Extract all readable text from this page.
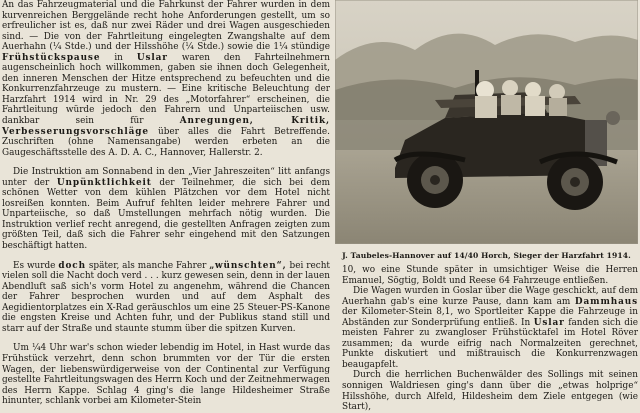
An das Fahrzeugmaterial und die Fahrkunst der Fahrer wurden in dem kurvenreichen Berggelände recht hohe Anforderungen gestellt, um so erfreulicher ist es, daß nur zwei Räder und drei Wagen ausgeschieden sind. — Die von der Fahrtleitung eingelegten Zwangshalte auf dem Auerhahn (¼ Stde.) und der Hilsshöhe (¼ Stde.) sowie die 1¼ stündige Frühstückspause in Uslar waren den Fahrteilnehmern augenscheinlich hoch willkommen, gaben sie ihnen doch Gelegenheit, den inneren Menschen der Hitze entsprechend zu befeuchten und die Konkurrenzfahrzeuge zu mustern. — Eine kritische Beleuchtung der Harzfahrt 1914 wird in Nr. 29 des „Motorfahrer“ erscheinen, die Fahrtleitung würde jedoch den Fahrern und Unparteiischen usw. dankbar sein für	Anregungen, Kritik, Verbesserungsvorschläge über alles die Fahrt Betreffende. Zuschriften (ohne Namensangabe) werden erbeten an die Gaugeschäftsstelle des A. D. A. C., Hannover, Hallerstr. 2.

Die Instruktion am Sonnabend in den „Vier Jahreszeiten“ litt anfangs unter der Unpünktlichkeit der Teilnehmer, die sich bei dem schönen Wetter von dem kühlen Plätzchen vor dem Hotel nicht losreißen konnten. Beim Aufruf fehlten leider mehrere Fahrer und Unparteiische, so daß Umstellungen mehrfach nötig wurden. Die Instruktion verlief recht anregend, die gestellten Anfragen zeigten zum größten Teil, daß sich die Fahrer sehr eingehend mit den Satzungen beschäftigt hatten.

Es wurde doch später, als manche Fahrer „wünschten“, bei recht vielen soll die Nacht doch verd . . . kurz gewesen sein, denn in der lauen Abendluft saß sich's vorm Hotel zu angenehm, während die Chancen der Fahrer besprochen wurden und auf dem Asphalt des Aegidientorplatzes ein X-Rad geräuschlos um eine 25 Steuer-PS-Kanone die engsten Kreise und Achten fuhr, und der Publikus stand still und starr auf der Straße und staunte stumm über die spitzen Kurven.

Um ¼4 Uhr war's schon wieder lebendig im Hotel, in Hast wurde das Frühstück verzehrt, denn schon brummten vor der Tür die ersten Wagen, der liebenswürdigerweise von der Continental zur Verfügung gestellte Fahrtleitungswagen des Herrn Koch und der Zeitnehmerwagen des Herrn Kappe. Schlag 4 ging's die lange Hildesheimer Straße hinunter, schlank vorbei am Kilometer-Stein

J. Taubeles-Hannover auf 14/40 Horch, Sieger der Harzfahrt 1914.

10, wo eine Stunde später in umsichtiger Weise die Herren Emanuel, Sögtig, Boldt und Reese 64 Fahrzeuge entließen.

Die Wagen wurden in Goslar über die Wage geschickt, auf dem Auerhahn gab's eine kurze Pause, dann kam am Dammhaus der Kilometer-Stein 8,1, wo Sportleiter Kappe die Fahrzeuge in Abständen zur Sonderprüfung entließ. In Uslar fanden sich die meisten Fahrer zu zwangloser Frühstücktafel im Hotel Röver zusammen; da wurde eifrig nach Normalzeiten gerechnet, Punkte diskutiert und mißtrauisch die Konkurrenzwagen beaugapfelt.

Durch die herrlichen Buchenwälder des Sollings mit seinen sonnigen Waldriesen ging's dann über die „etwas holprige“ Hilsshöhe, durch Alfeld, Hildesheim dem Ziele entgegen (wie Start),
